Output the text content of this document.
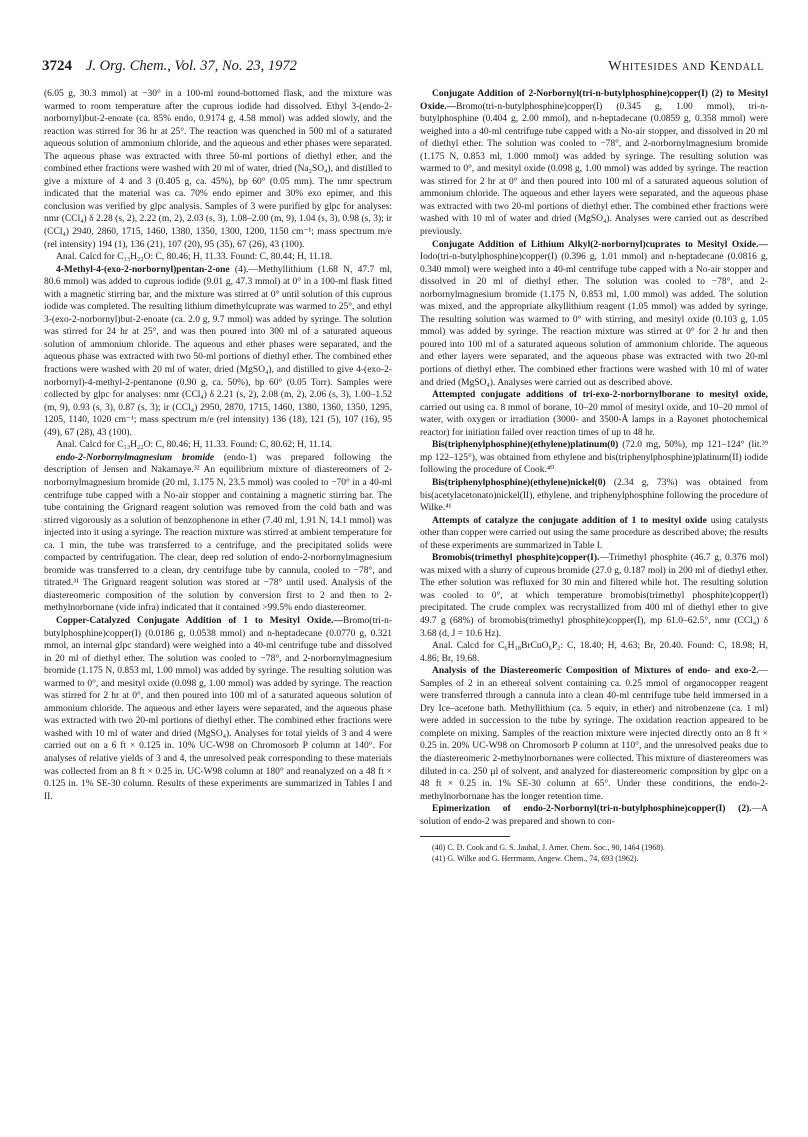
3724 J. Org. Chem., Vol. 37, No. 23, 1972	Whitesides and Kendall

(6.05 g, 30.3 mmol) at −30° in a 100-ml round-bottomed flask, and the mixture was warmed to room temperature after the cuprous iodide had dissolved. Ethyl 3-(endo-2-norbornyl)but-2-enoate (ca. 85% endo, 0.9174 g, 4.58 mmol) was added slowly, and the reaction was stirred for 36 hr at 25°. The reaction was quenched in 500 ml of a saturated aqueous solution of ammonium chloride, and the aqueous and ether phases were separated. The aqueous phase was extracted with three 50-ml portions of diethyl ether, and the combined ether fractions were washed with 20 ml of water, dried (Na₂SO₄), and distilled to give a mixture of 4 and 3 (0.405 g, ca. 45%), bp 60° (0.05 mm). The nmr spectrum indicated that the material was ca. 70% endo epimer and 30% exo epimer, and this conclusion was verified by glpc analysis. Samples of 3 were purified by glpc for analyses: nmr (CCl₄) δ 2.28 (s, 2), 2.22 (m, 2), 2.03 (s, 3), 1.08–2.00 (m, 9), 1.04 (s, 3), 0.98 (s, 3); ir (CCl₄) 2940, 2860, 1715, 1460, 1380, 1350, 1300, 1200, 1150 cm⁻¹; mass spectrum m/e (rel intensity) 194 (1), 136 (21), 107 (20), 95 (35), 67 (26), 43 (100).

Anal. Calcd for C₁₃H₂₂O: C, 80.46; H, 11.33. Found: C, 80.44; H, 11.18.

4-Methyl-4-(exo-2-norbornyl)pentan-2-one (4).—Methyllithium (1.68 N, 47.7 ml, 80.6 mmol) was added to cuprous iodide (9.01 g, 47.3 mmol) at 0° in a 100-ml flask fitted with a magnetic stirring bar, and the mixture was stirred at 0° until solution of this cuprous iodide was completed. The resulting lithium dimethylcuprate was warmed to 25°, and ethyl 3-(exo-2-norbornyl)but-2-enoate (ca. 2.0 g, 9.7 mmol) was added by syringe. The solution was stirred for 24 hr at 25°, and was then poured into 300 ml of a saturated aqueous solution of ammonium chloride. The aqueous and ether phases were separated, and the aqueous phase was extracted with two 50-ml portions of diethyl ether. The combined ether fractions were washed with 20 ml of water, dried (MgSO₄), and distilled to give 4-(exo-2-norbornyl)-4-methyl-2-pentanone (0.90 g, ca. 50%), bp 60° (0.05 Torr). Samples were collected by glpc for analyses: nmr (CCl₄) δ 2.21 (s, 2), 2.08 (m, 2), 2.06 (s, 3), 1.00–1.52 (m, 9), 0.93 (s, 3), 0.87 (s, 3); ir (CCl₄) 2950, 2870, 1715, 1460, 1380, 1360, 1350, 1295, 1205, 1140, 1020 cm⁻¹; mass spectrum m/e (rel intensity) 136 (18), 121 (5), 107 (16), 95 (49), 67 (28), 43 (100).

Anal. Calcd for C₁₃H₂₂O: C, 80.46; H, 11.33. Found: C, 80.62; H, 11.14.

endo-2-Norbornylmagnesium bromide (endo-1) was prepared following the description of Jensen and Nakamaye.³² An equilibrium mixture of diastereomers of 2-norbornylmagnesium bromide (20 ml, 1.175 N, 23.5 mmol) was cooled to −70° in a 40-ml centrifuge tube capped with a No-air stopper and containing a magnetic stirring bar. The tube containing the Grignard reagent solution was removed from the cold bath and was stirred vigorously as a solution of benzophenone in ether (7.40 ml, 1.91 N, 14.1 mmol) was injected into it using a syringe. The reaction mixture was stirred at ambient temperature for ca. 1 min, the tube was transferred to a centrifuge, and the precipitated solids were compacted by centrifugation. The clear, deep red solution of endo-2-norbornylmagnesium bromide was transferred to a clean, dry centrifuge tube by cannula, cooled to −78°, and titrated.³¹ The Grignard reagent solution was stored at −78° until used. Analysis of the diastereomeric composition of the solution by conversion first to 2 and then to 2-methylnorbornane (vide infra) indicated that it contained >99.5% endo diastereomer.

Copper-Catalyzed Conjugate Addition of 1 to Mesityl Oxide.—Bromo(tri-n-butylphosphine)copper(I) (0.0186 g, 0.0538 mmol) and n-heptadecane (0.0770 g, 0.321 mmol, an internal glpc standard) were weighed into a 40-ml centrifuge tube and dissolved in 20 ml of diethyl ether. The solution was cooled to −78°, and 2-norbornylmagnesium bromide (1.175 N, 0.853 ml, 1.00 mmol) was added by syringe. The resulting solution was warmed to 0°, and mesityl oxide (0.098 g, 1.00 mmol) was added by syringe. The reaction was stirred for 2 hr at 0°, and then poured into 100 ml of a saturated aqueous solution of ammonium chloride. The aqueous and ether layers were separated, and the aqueous phase was extracted with two 20-ml portions of diethyl ether. The combined ether fractions were washed with 10 ml of water and dried (MgSO₄). Analyses for total yields of 3 and 4 were carried out on a 6 ft × 0.125 in. 10% UC-W98 on Chromosorb P column at 140°. For analyses of relative yields of 3 and 4, the unresolved peak corresponding to these materials was collected from an 8 ft × 0.25 in. UC-W98 column at 180° and reanalyzed on a 48 ft × 0.125 in. 1% SE-30 column. Results of these experiments are summarized in Tables I and II.

Conjugate Addition of 2-Norbornyl(tri-n-butylphosphine)copper(I) (2) to Mesityl Oxide.—Bromo(tri-n-butylphosphine)copper(I) (0.345 g, 1.00 mmol), tri-n-butylphosphine (0.404 g, 2.00 mmol), and n-heptadecane (0.0859 g, 0.358 mmol) were weighed into a 40-ml centrifuge tube capped with a No-air stopper, and dissolved in 20 ml of diethyl ether. The solution was cooled to −78°, and 2-norbornylmagnesium bromide (1.175 N, 0.853 ml, 1.000 mmol) was added by syringe. The resulting solution was warmed to 0°, and mesityl oxide (0.098 g, 1.00 mmol) was added by syringe. The reaction was stirred for 2 hr at 0° and then poured into 100 ml of a saturated aqueous solution of ammonium chloride. The aqueous and ether layers were separated, and the aqueous phase was extracted with two 20-ml portions of diethyl ether. The combined ether fractions were washed with 10 ml of water and dried (MgSO₄). Analyses were carried out as described previously.

Conjugate Addition of Lithium Alkyl(2-norbornyl)cuprates to Mesityl Oxide.—Iodo(tri-n-butylphosphine)copper(I) (0.396 g, 1.01 mmol) and n-heptadecane (0.0816 g, 0.340 mmol) were weighed into a 40-ml centrifuge tube capped with a No-air stopper and dissolved in 20 ml of diethyl ether. The solution was cooled to −78°, and 2-norbornylmagnesium bromide (1.175 N, 0.853 ml, 1.00 mmol) was added. The solution was mixed, and the appropriate alkyllithium reagent (1.05 mmol) was added by syringe. The resulting solution was warmed to 0° with stirring, and mesityl oxide (0.103 g, 1.05 mmol) was added by syringe. The reaction mixture was stirred at 0° for 2 hr and then poured into 100 ml of a saturated aqueous solution of ammonium chloride. The aqueous and ether layers were separated, and the aqueous phase was extracted with two 20-ml portions of diethyl ether. The combined ether fractions were washed with 10 ml of water and dried (MgSO₄). Analyses were carried out as described above.

Attempted conjugate additions of tri-exo-2-norbornylborane to mesityl oxide, carried out using ca. 8 mmol of borane, 10–20 mmol of mesityl oxide, and 10–20 mmol of water, with oxygen or irradiation (3000- and 3500-Å lamps in a Rayonet photochemical reactor) for initiation failed over reaction times of up to 48 hr.

Bis(triphenylphosphine)(ethylene)platinum(0) (72.0 mg, 50%), mp 121–124° (lit.³⁹ mp 122–125°), was obtained from ethylene and bis(triphenylphosphine)platinum(II) iodide following the procedure of Cook.⁴⁰

Bis(triphenylphosphine)(ethylene)nickel(0) (2.34 g, 73%) was obtained from bis(acetylacetonato)nickel(II), ethylene, and triphenylphosphine following the procedure of Wilke.⁴¹

Attempts of catalyze the conjugate addition of 1 to mesityl oxide using catalysts other than copper were carried out using the same procedure as described above; the results of these experiments are summarized in Table I.

Bromobis(trimethyl phosphite)copper(I).—Trimethyl phosphite (46.7 g, 0.376 mol) was mixed with a slurry of cuprous bromide (27.0 g, 0.187 mol) in 200 ml of diethyl ether. The ether solution was refluxed for 30 min and filtered while hot. The resulting solution was cooled to 0°, at which temperature bromobis(trimethyl phosphite)copper(I) precipitated. The crude complex was recrystallized from 400 ml of diethyl ether to give 49.7 g (68%) of bromobis(trimethyl phosphite)copper(I), mp 61.0–62.5°, nmr (CCl₄) δ 3.68 (d, J = 10.6 Hz).

Anal. Calcd for C₆H₁₈BrCuO₆P₂: C, 18.40; H, 4.63; Br, 20.40. Found: C, 18.98; H, 4.86; Br, 19.68.

Analysis of the Diastereomeric Composition of Mixtures of endo- and exo-2.—Samples of 2 in an ethereal solvent containing ca. 0.25 mmol of organocopper reagent were transferred through a cannula into a clean 40-ml centrifuge tube held immersed in a Dry Ice–acetone bath. Methyllithium (ca. 5 equiv, in ether) and nitrobenzene (ca. 1 ml) were added in succession to the tube by syringe. The oxidation reaction appeared to be complete on mixing. Samples of the reaction mixture were injected directly onto an 8 ft × 0.25 in. 20% UC-W98 on Chromosorb P column at 110°, and the unresolved peaks due to the diastereomeric 2-methylnorbornanes were collected. This mixture of diastereomers was diluted in ca. 250 µl of solvent, and analyzed for diastereomeric composition by glpc on a 48 ft × 0.25 in. 1% SE-30 column at 65°. Under these conditions, the endo-2-methylnorbornane has the longer retention time.

Epimerization of endo-2-Norbornyl(tri-n-butylphosphine)copper(I) (2).—A solution of endo-2 was prepared and shown to con-

(40) C. D. Cook and G. S. Jauhal, J. Amer. Chem. Soc., 90, 1464 (1968).
(41) G. Wilke and G. Herrmann, Angew. Chem., 74, 693 (1962).
